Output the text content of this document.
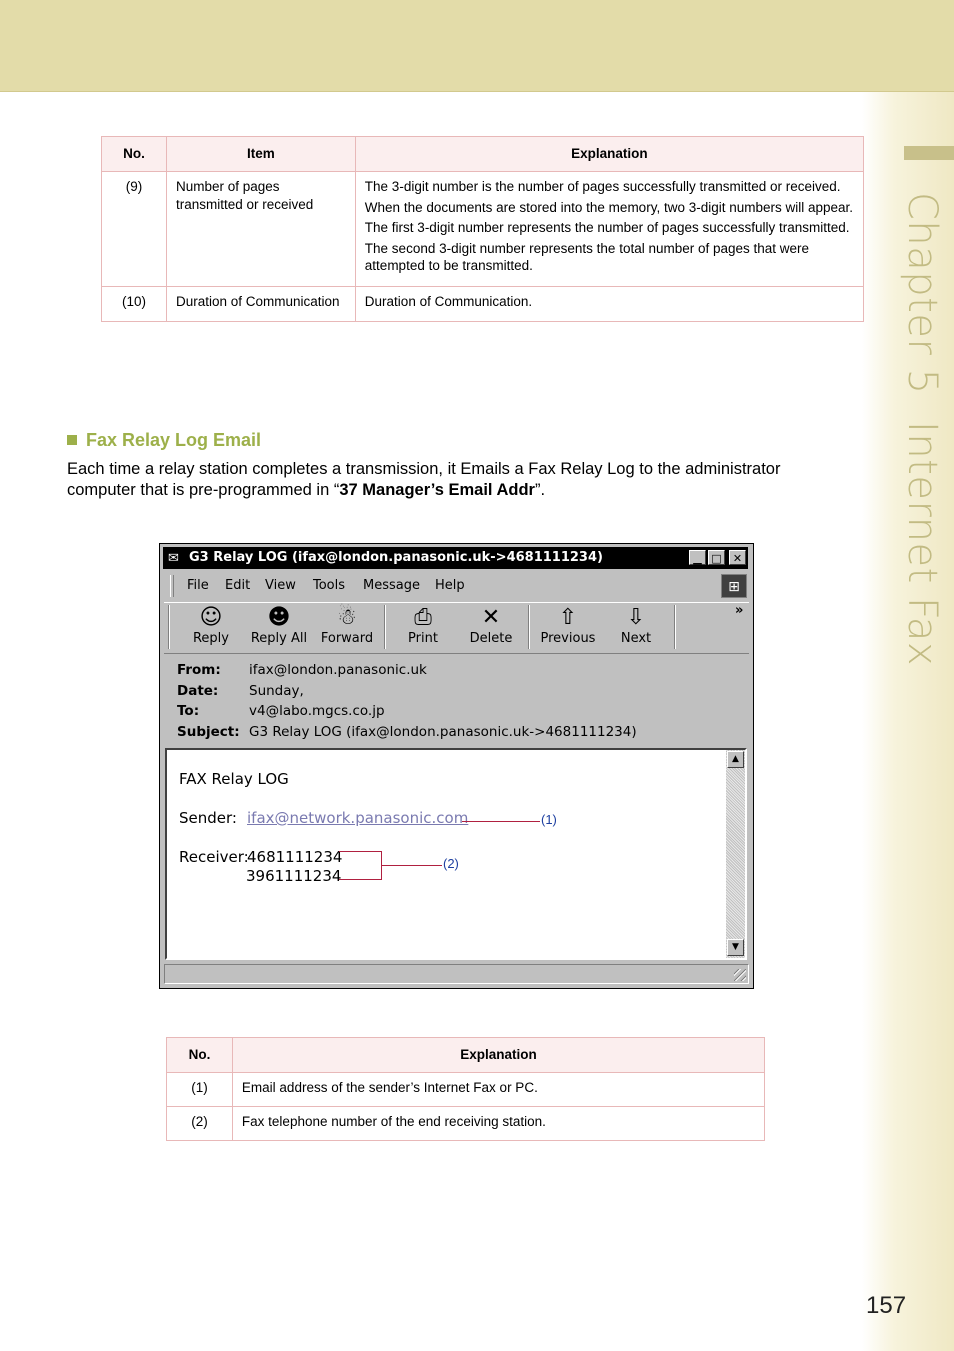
Chapter 5  Internet Fax
No.	Item	Explanation
(9)	Number of pages transmitted or received	The 3-digit number is the number of pages successfully transmitted or received.

When the documents are stored into the memory, two 3-digit numbers will appear.

The first 3-digit number represents the number of pages successfully transmitted.

The second 3-digit number represents the total number of pages that were attempted to be transmitted.

(10)	Duration of Communication	Duration of Communication.

Fax Relay Log Email
Each time a relay station completes a transmission, it Emails a Fax Relay Log to the administrator computer that is pre-programmed in “37 Manager’s Email Addr”.
✉ G3 Relay LOG (ifax@london.panasonic.uk->4681111234)	▁ □	✕
File Edit View Tools Message Help	⊞
☺
Reply
☻
Reply All
☃
Forward
⎙
Print
✕
Delete
⇧
Previous
⇩
Next
»
From:	ifax@london.panasonic.uk
Date:	Sunday,
To:	v4@labo.mgcs.co.jp
Subject: G3 Relay LOG (ifax@london.panasonic.uk->4681111234)
FAX Relay LOG
Sender: ifax@network.panasonic.com
Receiver:
4681111234
3961111234
(1)
(2)
▲
▼
No.	Explanation
(1)	Email address of the sender’s Internet Fax or PC.
(2)	Fax telephone number of the end receiving station.
157
